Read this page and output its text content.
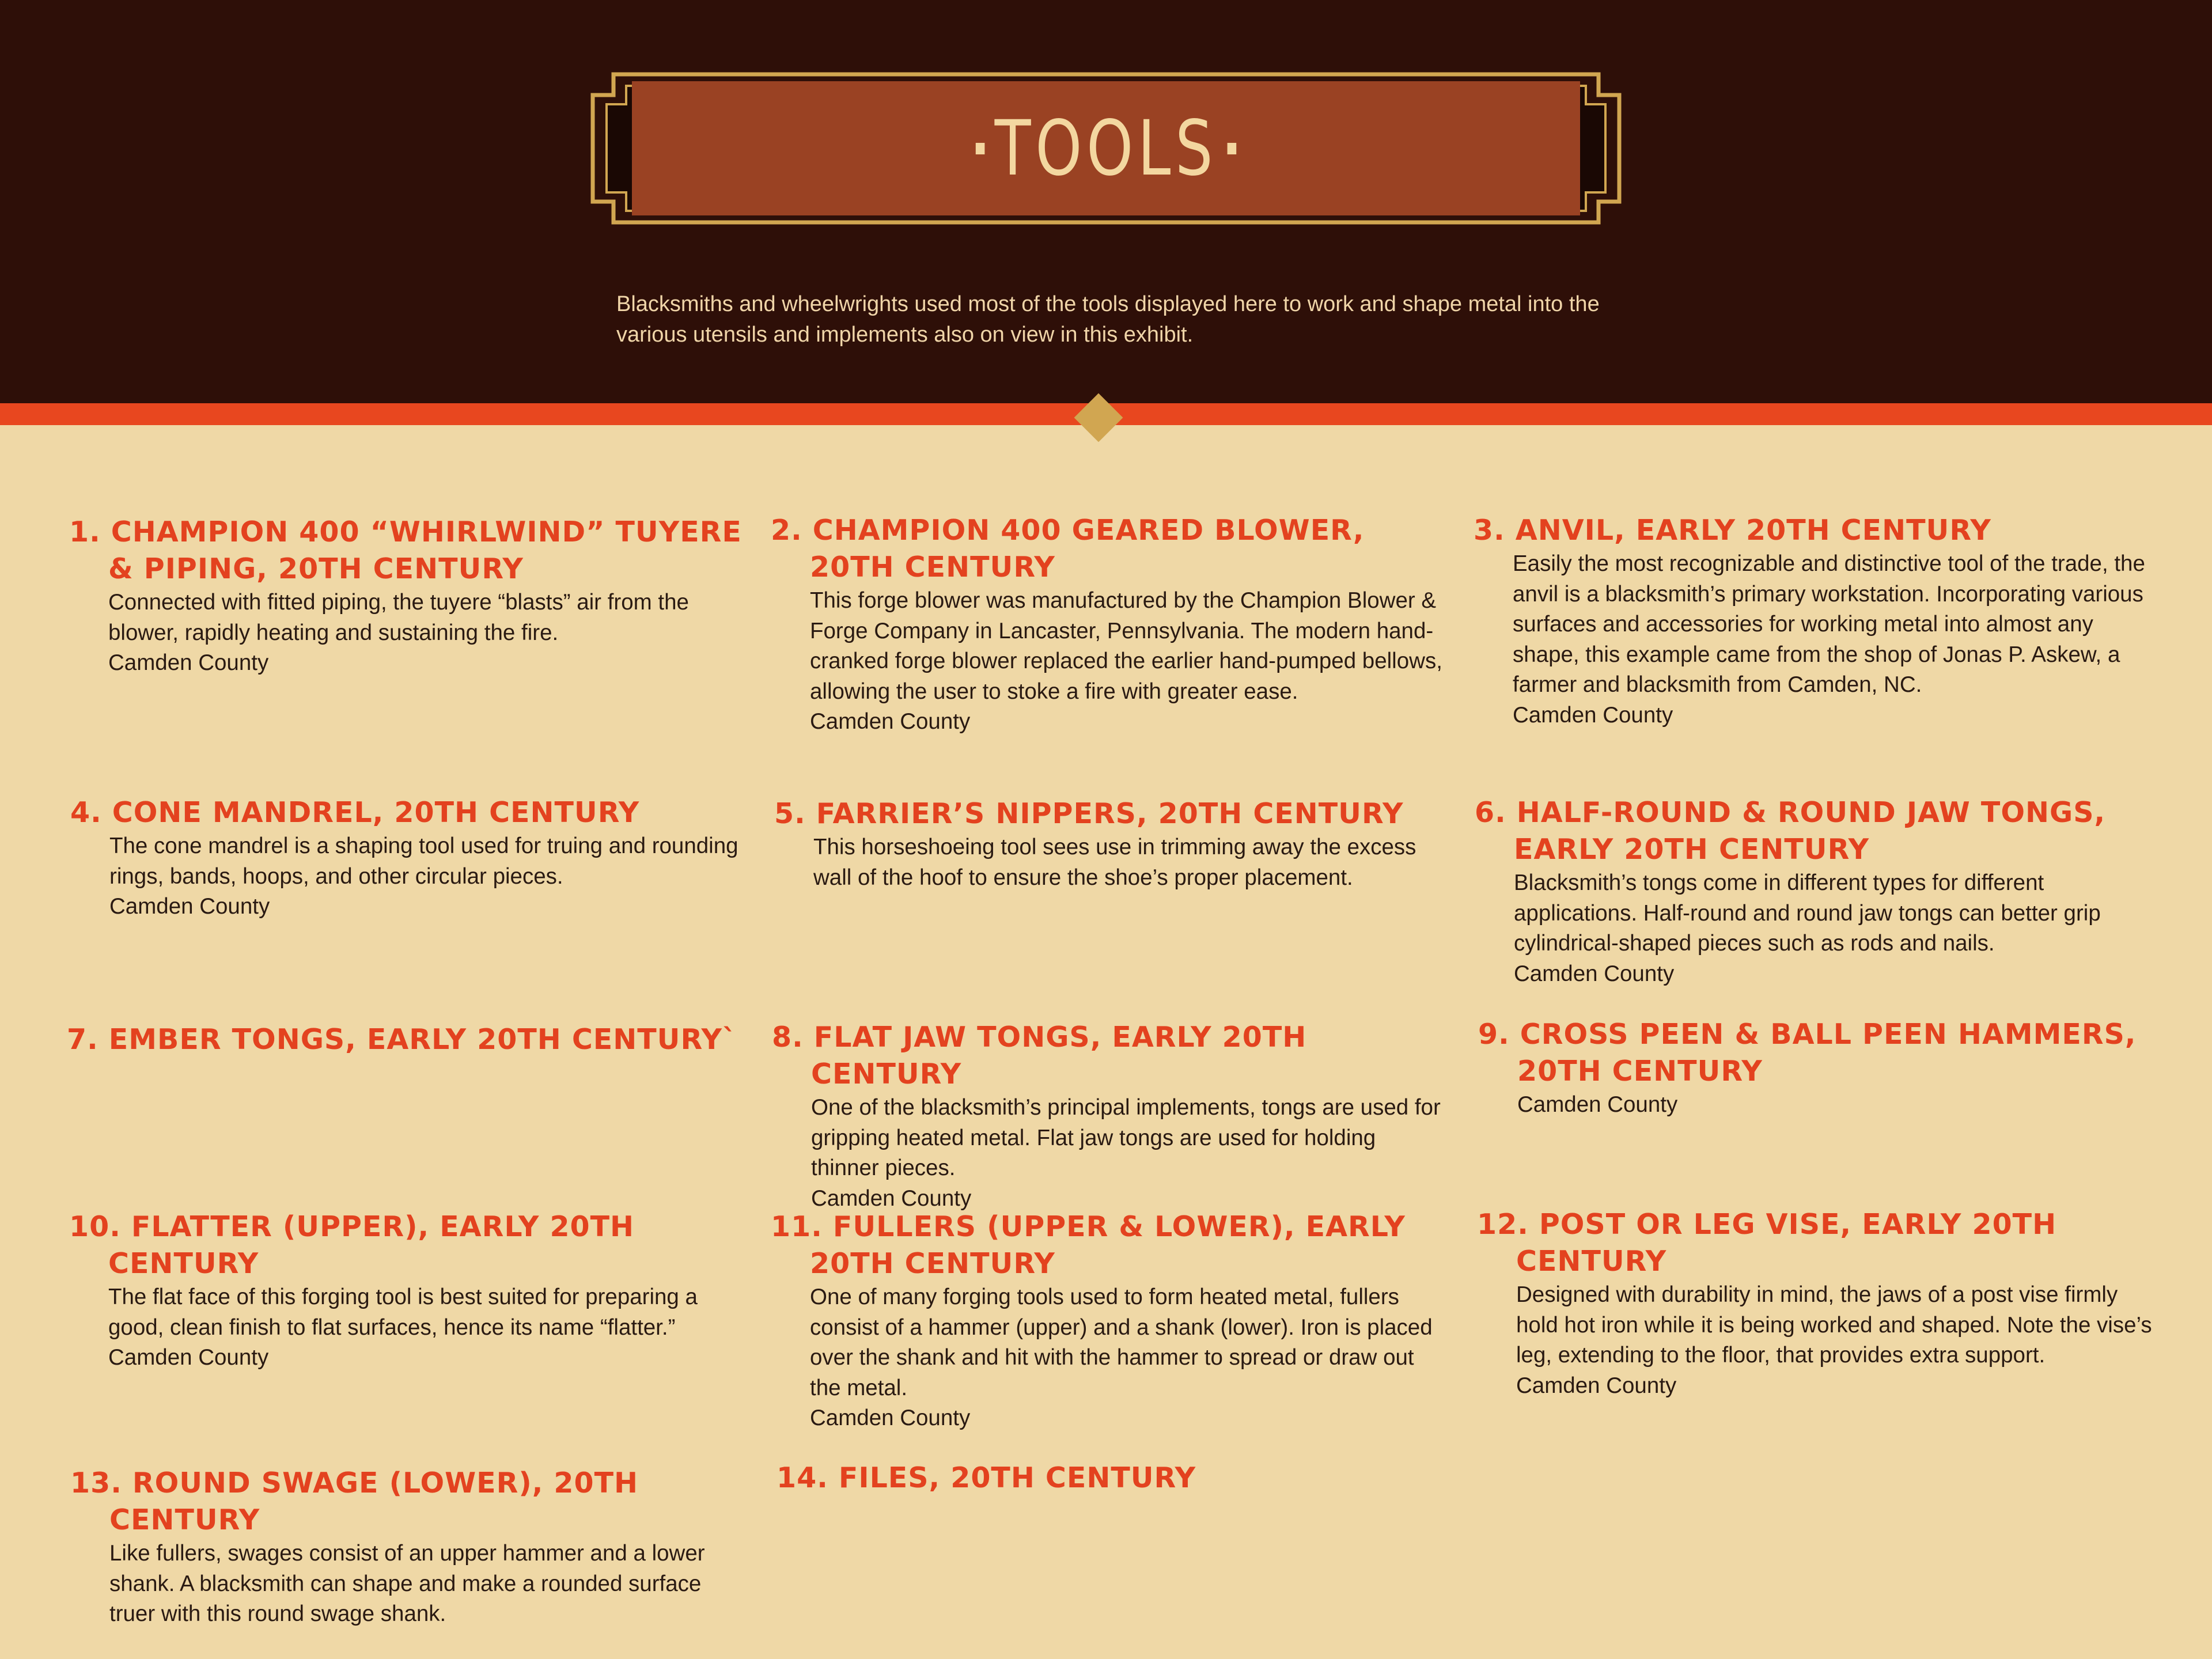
TOOLS
Blacksmiths and wheelwrights used most of the tools displayed here to work and shape metal into the various utensils and implements also on view in this exhibit.
1. CHAMPION 400 “WHIRLWIND” TUYERE & PIPING, 20TH CENTURY
Connected with fitted piping, the tuyere “blasts” air from the blower, rapidly heating and sustaining the fire.
Camden County
4. CONE MANDREL, 20TH CENTURY
The cone mandrel is a shaping tool used for truing and rounding rings, bands, hoops, and other circular pieces.
Camden County
7. EMBER TONGS, EARLY 20TH CENTURY`
10. FLATTER (UPPER), EARLY 20TH CENTURY
The flat face of this forging tool is best suited for preparing a good, clean finish to flat surfaces, hence its name “flatter.”
Camden County
13. ROUND SWAGE (LOWER), 20TH CENTURY
Like fullers, swages consist of an upper hammer and a lower shank. A blacksmith can shape and make a rounded surface truer with this round swage shank.
2. CHAMPION 400 GEARED BLOWER, 20TH CENTURY
This forge blower was manufactured by the Champion Blower & Forge Company in Lancaster, Pennsylvania. The modern hand-cranked forge blower replaced the earlier hand-pumped bellows, allowing the user to stoke a fire with greater ease.
Camden County
5. FARRIER’S NIPPERS, 20TH CENTURY
This horseshoeing tool sees use in trimming away the excess wall of the hoof to ensure the shoe’s proper placement.
8. FLAT JAW TONGS, EARLY 20TH CENTURY
One of the blacksmith’s principal implements, tongs are used for gripping heated metal. Flat jaw tongs are used for holding thinner pieces.
Camden County
11. FULLERS (UPPER & LOWER), EARLY 20TH CENTURY
One of many forging tools used to form heated metal, fullers consist of a hammer (upper) and a shank (lower). Iron is placed over the shank and hit with the hammer to spread or draw out the metal.
Camden County
14. FILES, 20TH CENTURY
3. ANVIL, EARLY 20TH CENTURY
Easily the most recognizable and distinctive tool of the trade, the anvil is a blacksmith’s primary workstation. Incorporating various surfaces and accessories for working metal into almost any shape, this example came from the shop of Jonas P. Askew, a farmer and blacksmith from Camden, NC.
Camden County
6. HALF-ROUND & ROUND JAW TONGS, EARLY 20TH CENTURY
Blacksmith’s tongs come in different types for different applications. Half-round and round jaw tongs can better grip cylindrical-shaped pieces such as rods and nails.
Camden County
9. CROSS PEEN & BALL PEEN HAMMERS, 20TH CENTURY
Camden County
12. POST OR LEG VISE, EARLY 20TH CENTURY
Designed with durability in mind, the jaws of a post vise firmly hold hot iron while it is being worked and shaped. Note the vise’s leg, extending to the floor, that provides extra support.
Camden County
